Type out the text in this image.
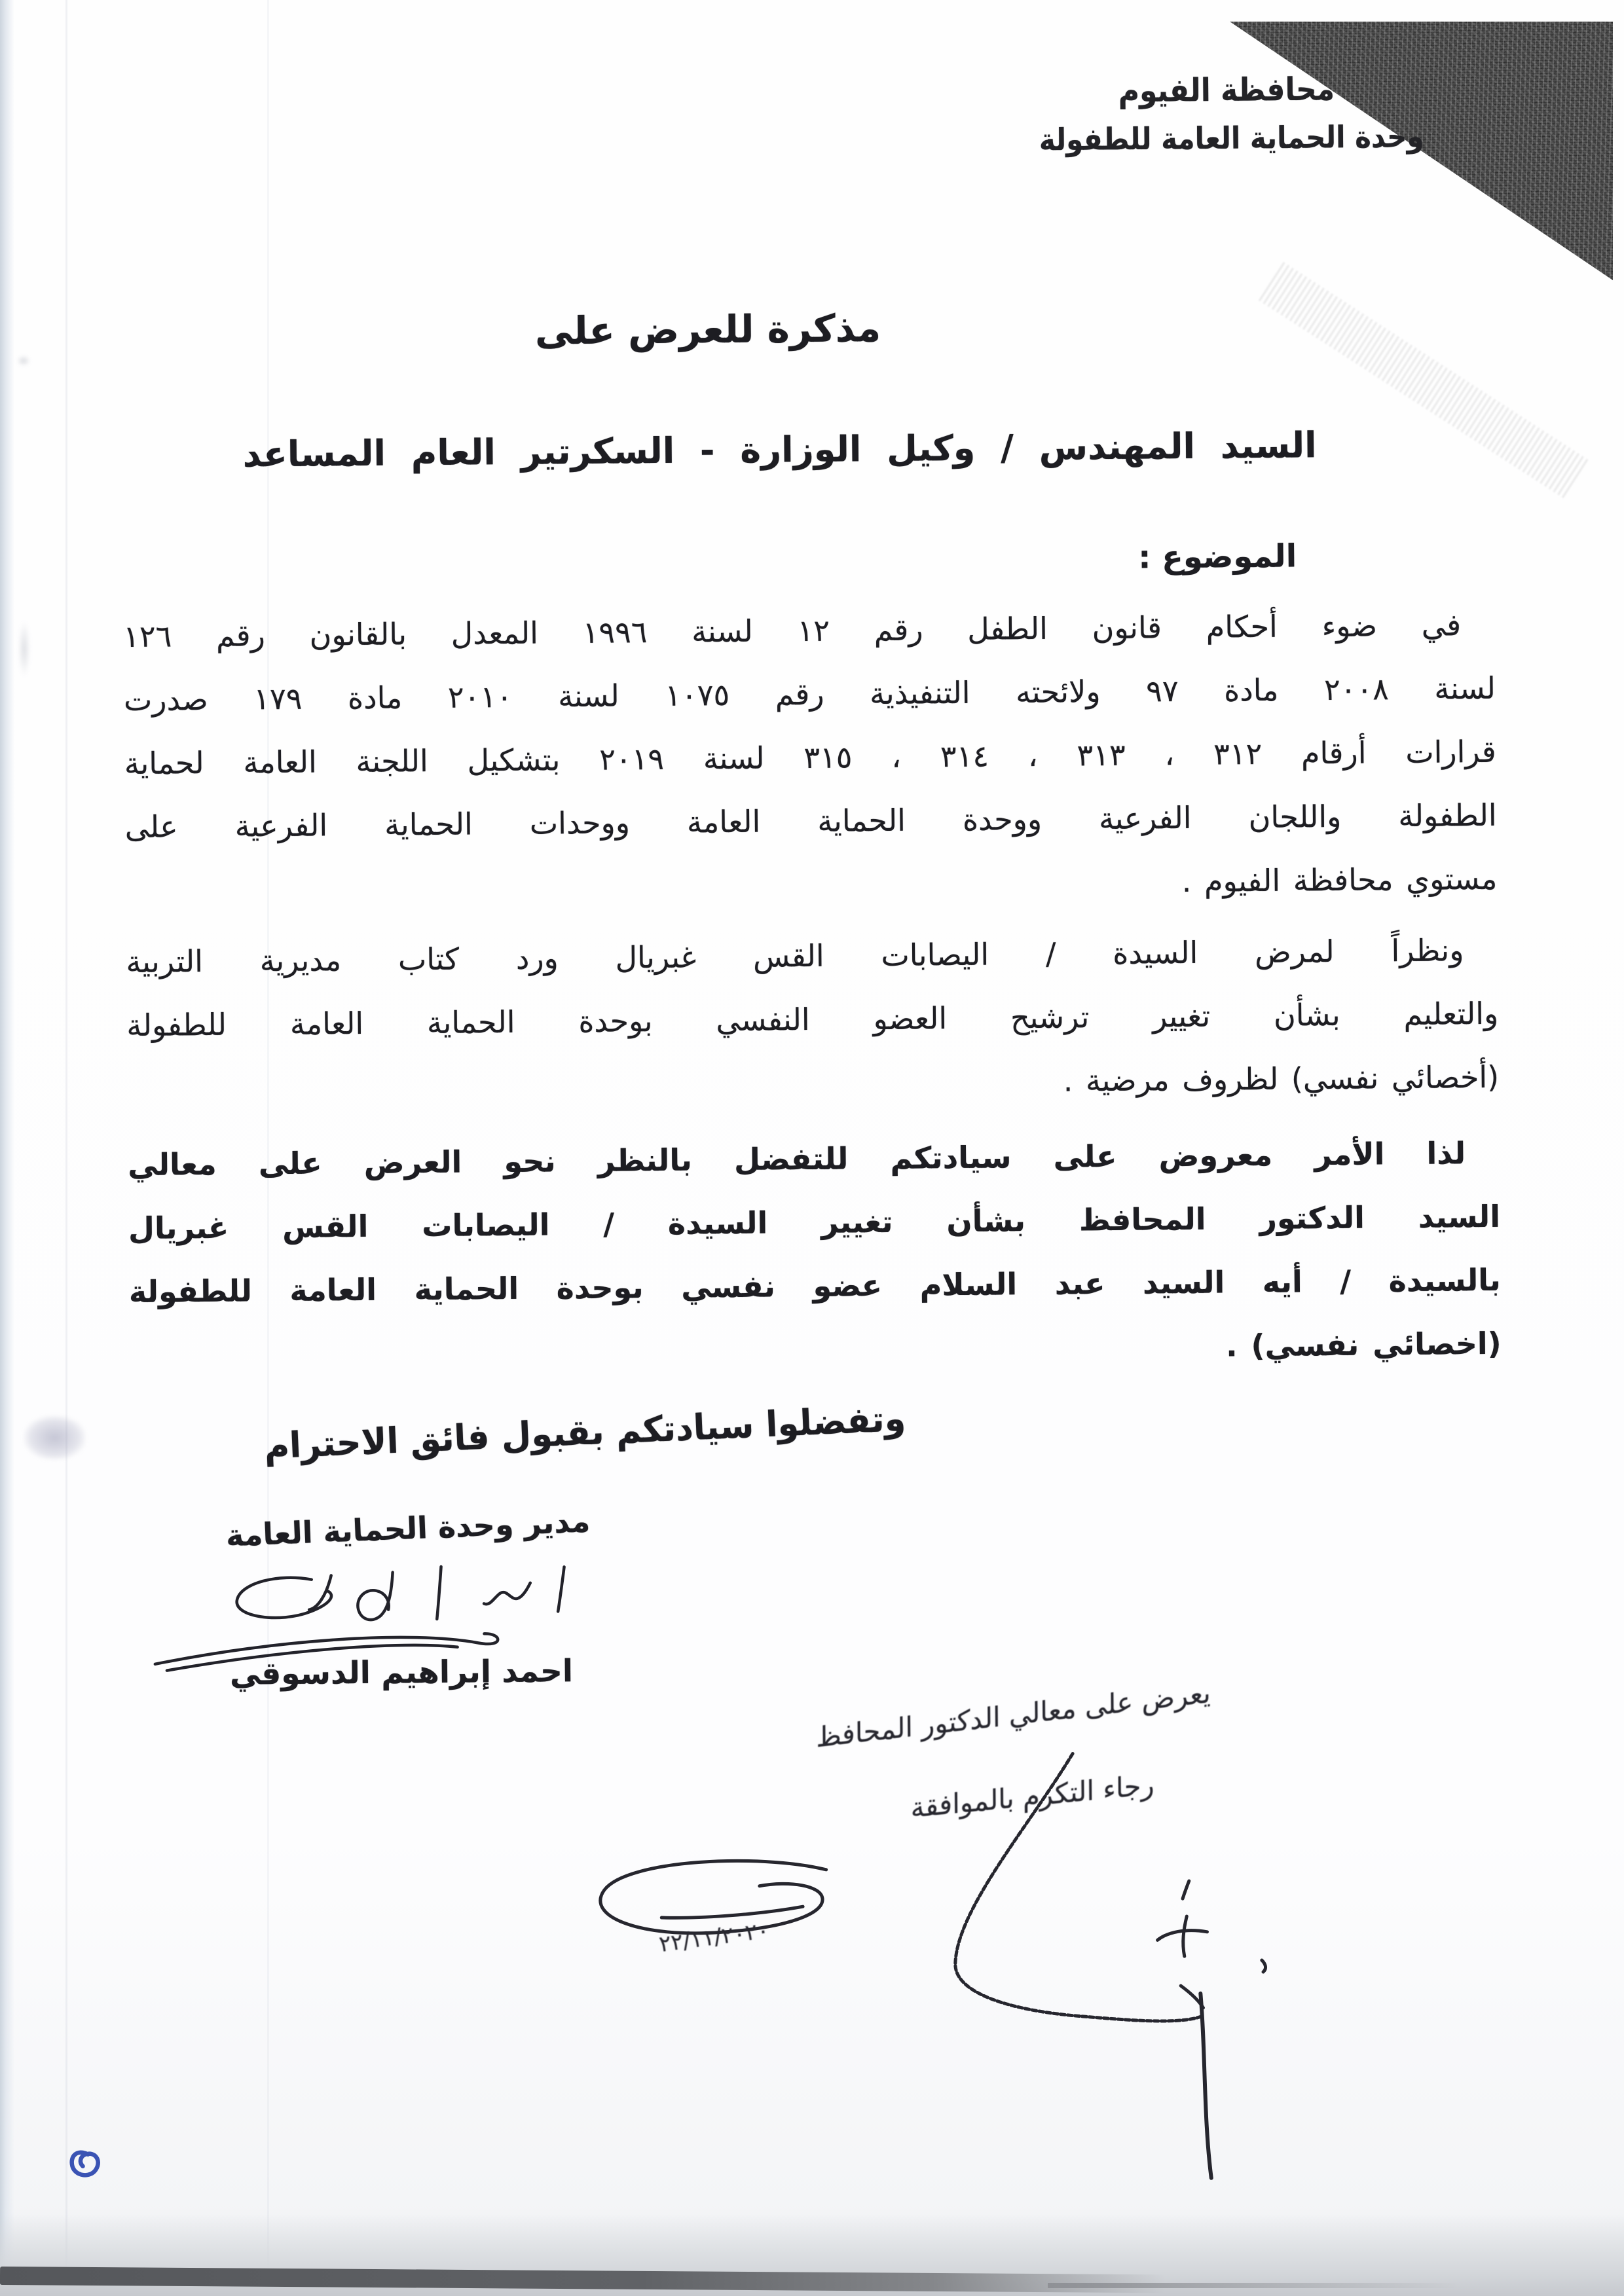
محافظة الفيوم
وحدة الحماية العامة للطفولة
مذكرة للعرض على
السيد المهندس / وكيل الوزارة - السكرتير العام المساعد
الموضوع :
في ضوء أحكام قانون الطفل رقم ١٢ لسنة ١٩٩٦ المعدل بالقانون رقم ١٢٦
لسنة ٢٠٠٨ مادة ٩٧ ولائحته التنفيذية رقم ١٠٧٥ لسنة ٢٠١٠ مادة ١٧٩ صدرت
قرارات أرقام ٣١٢ ، ٣١٣ ، ٣١٤ ، ٣١٥ لسنة ٢٠١٩ بتشكيل اللجنة العامة لحماية
الطفولة واللجان الفرعية ووحدة الحماية العامة ووحدات الحماية الفرعية على
مستوي محافظة الفيوم .
ونظراً لمرض السيدة / اليصابات القس غبريال ورد كتاب مديرية التربية
والتعليم بشأن تغيير ترشيح العضو النفسي بوحدة الحماية العامة للطفولة
(أخصائي نفسي) لظروف مرضية .
لذا الأمر معروض على سيادتكم للتفضل بالنظر نحو العرض على معالي
السيد الدكتور المحافظ بشأن تغيير السيدة / اليصابات القس غبريال
بالسيدة / أيه السيد عبد السلام عضو نفسي بوحدة الحماية العامة للطفولة
(اخصائي نفسي) .
وتفضلوا سيادتكم بقبول فائق الاحترام
مدير وحدة الحماية العامة
احمد إبراهيم الدسوقي
يعرض على معالي الدكتور المحافظ
رجاء التكرم بالموافقة
٢٢/١١/٢٠٢٠
